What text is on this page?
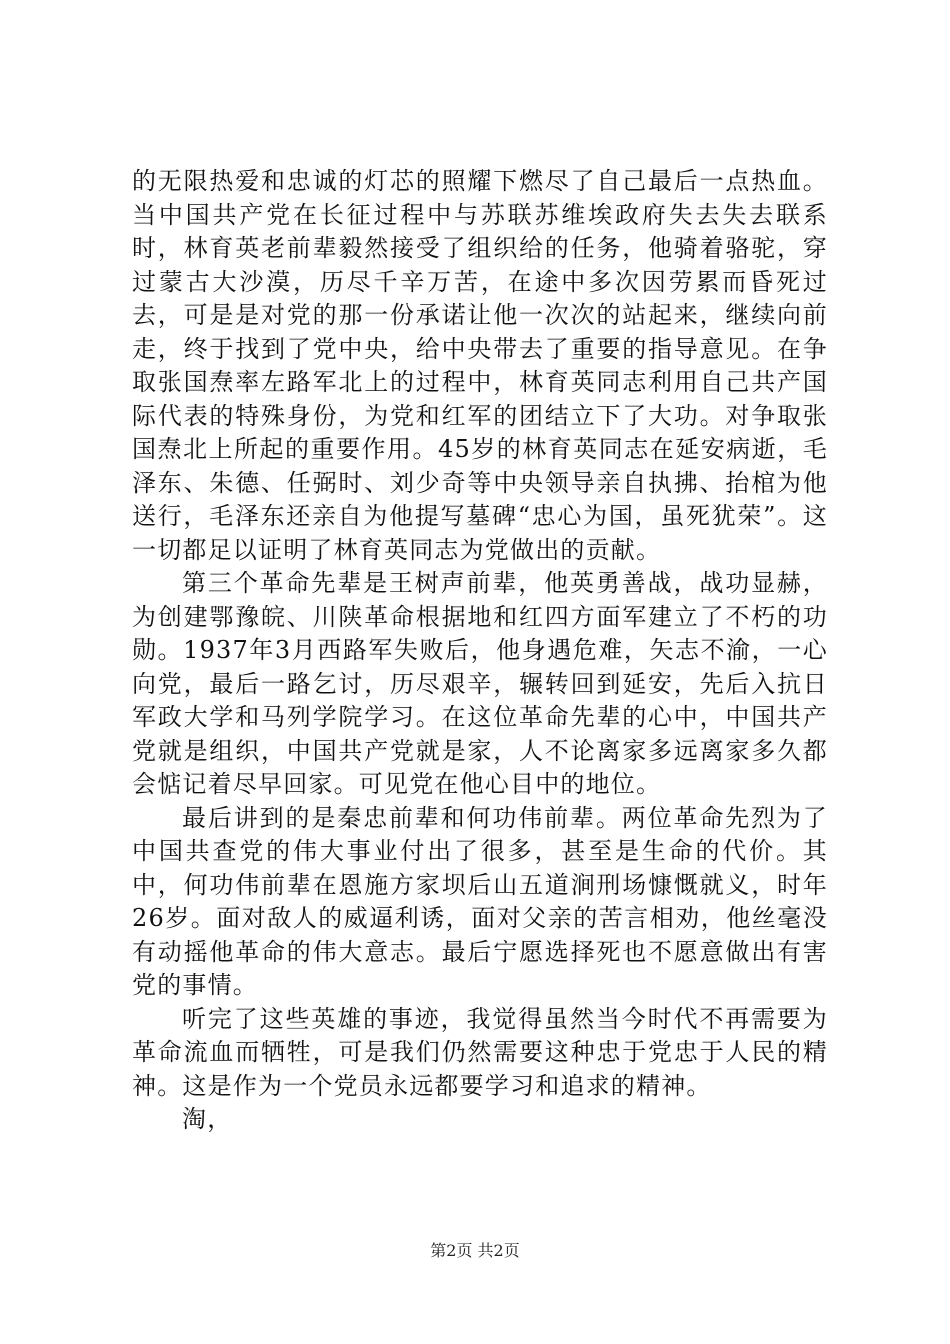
的无限热爱和忠诚的灯芯的照耀下燃尽了自己最后一点热血。当中国共产党在长征过程中与苏联苏维埃政府失去失去联系时，林育英老前辈毅然接受了组织给的任务，他骑着骆驼，穿过蒙古大沙漠，历尽千辛万苦，在途中多次因劳累而昏死过去，可是是对党的那一份承诺让他一次次的站起来，继续向前走，终于找到了党中央，给中央带去了重要的指导意见。在争取张国焘率左路军北上的过程中，林育英同志利用自己共产国际代表的特殊身份，为党和红军的团结立下了大功。对争取张国焘北上所起的重要作用。45岁的林育英同志在延安病逝，毛泽东、朱德、任弼时、刘少奇等中央领导亲自执拂、抬棺为他送行，毛泽东还亲自为他提写墓碑“忠心为国，虽死犹荣”。这一切都足以证明了林育英同志为党做出的贡献。

第三个革命先辈是王树声前辈，他英勇善战，战功显赫，为创建鄂豫皖、川陕革命根据地和红四方面军建立了不朽的功勋。1937年3月西路军失败后，他身遇危难，矢志不渝，一心向党，最后一路乞讨，历尽艰辛，辗转回到延安，先后入抗日军政大学和马列学院学习。在这位革命先辈的心中，中国共产党就是组织，中国共产党就是家，人不论离家多远离家多久都会惦记着尽早回家。可见党在他心目中的地位。

最后讲到的是秦忠前辈和何功伟前辈。两位革命先烈为了中国共查党的伟大事业付出了很多，甚至是生命的代价。其中，何功伟前辈在恩施方家坝后山五道涧刑场慷慨就义，时年26岁。面对敌人的威逼利诱，面对父亲的苦言相劝，他丝毫没有动摇他革命的伟大意志。最后宁愿选择死也不愿意做出有害党的事情。

听完了这些英雄的事迹，我觉得虽然当今时代不再需要为革命流血而牺牲，可是我们仍然需要这种忠于党忠于人民的精神。这是作为一个党员永远都要学习和追求的精神。

淘，

第2页 共2页
